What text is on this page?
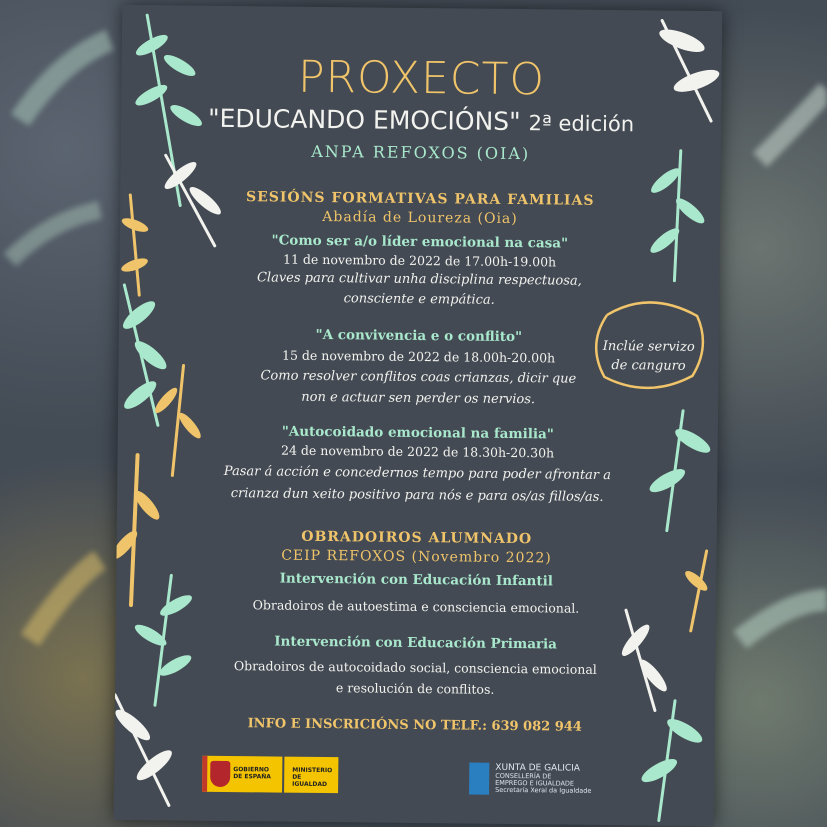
PROXECTO
"EDUCANDO EMOCIÓNS" 2ª edición
ANPA REFOXOS (OIA)
SESIÓNS FORMATIVAS PARA FAMILIAS
Abadía de Loureza (Oia)
"Como ser a/o líder emocional na casa"
11 de novembro de 2022 de 17.00h-19.00h
Claves para cultivar unha disciplina respectuosa,
consciente e empática.
"A convivencia e o conflito"
15 de novembro de 2022 de 18.00h-20.00h
Como resolver conflitos coas crianzas, dicir que
non e actuar sen perder os nervios.
"Autocoidado emocional na familia"
24 de novembro de 2022 de 18.30h-20.30h
Pasar á acción e concedernos tempo para poder afrontar a
crianza dun xeito positivo para nós e para os/as fillos/as.
OBRADOIROS ALUMNADO
CEIP REFOXOS (Novembro 2022)
Intervención con Educación Infantil
Obradoiros de autoestima e consciencia emocional.
Intervención con Educación Primaria
Obradoiros de autocoidado social, consciencia emocional
e resolución de conflitos.
INFO E INSCRICIÓNS NO TELF.: 639 082 944
Inclúe servizo
de canguro
GOBIERNO
DE ESPAÑA
MINISTERIO
DE IGUALDAD
XUNTA DE GALICIA
CONSELLERÍA DE
EMPREGO E IGUALDADE
Secretaría Xeral da Igualdade
